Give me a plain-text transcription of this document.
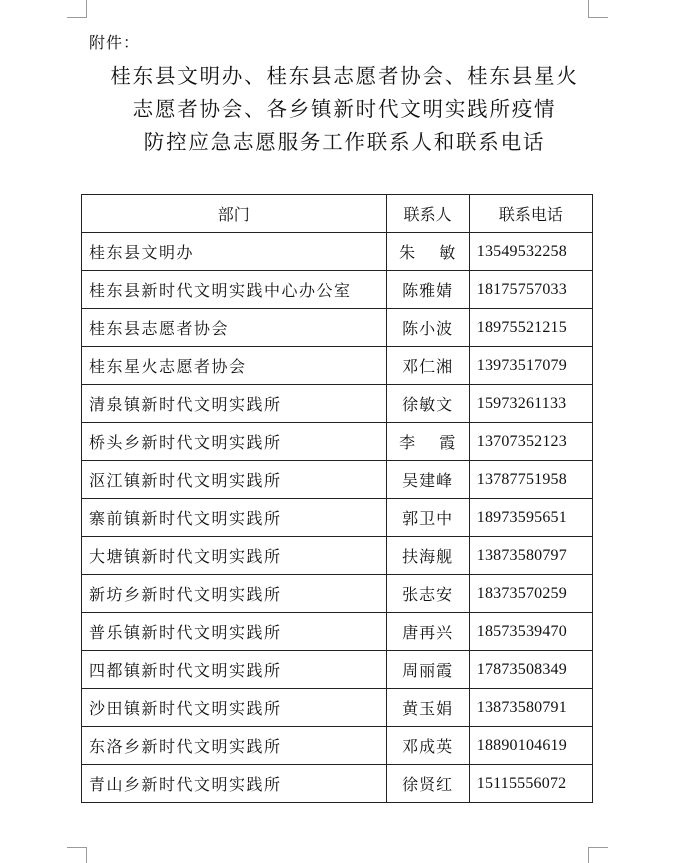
附件：
桂东县文明办、桂东县志愿者协会、桂东县星火
志愿者协会、各乡镇新时代文明实践所疫情
防控应急志愿服务工作联系人和联系电话
部门	联系人	联系电话
桂东县文明办	朱　 敏	13549532258
桂东县新时代文明实践中心办公室	陈雅婧	18175757033
桂东县志愿者协会	陈小波	18975521215
桂东星火志愿者协会	邓仁湘	13973517079
清泉镇新时代文明实践所	徐敏文	15973261133
桥头乡新时代文明实践所	李　 霞	13707352123
沤江镇新时代文明实践所	吴建峰	13787751958
寨前镇新时代文明实践所	郭卫中	18973595651
大塘镇新时代文明实践所	扶海舰	13873580797
新坊乡新时代文明实践所	张志安	18373570259
普乐镇新时代文明实践所	唐再兴	18573539470
四都镇新时代文明实践所	周丽霞	17873508349
沙田镇新时代文明实践所	黄玉娟	13873580791
东洛乡新时代文明实践所	邓成英	18890104619
青山乡新时代文明实践所	徐贤红	15115556072
